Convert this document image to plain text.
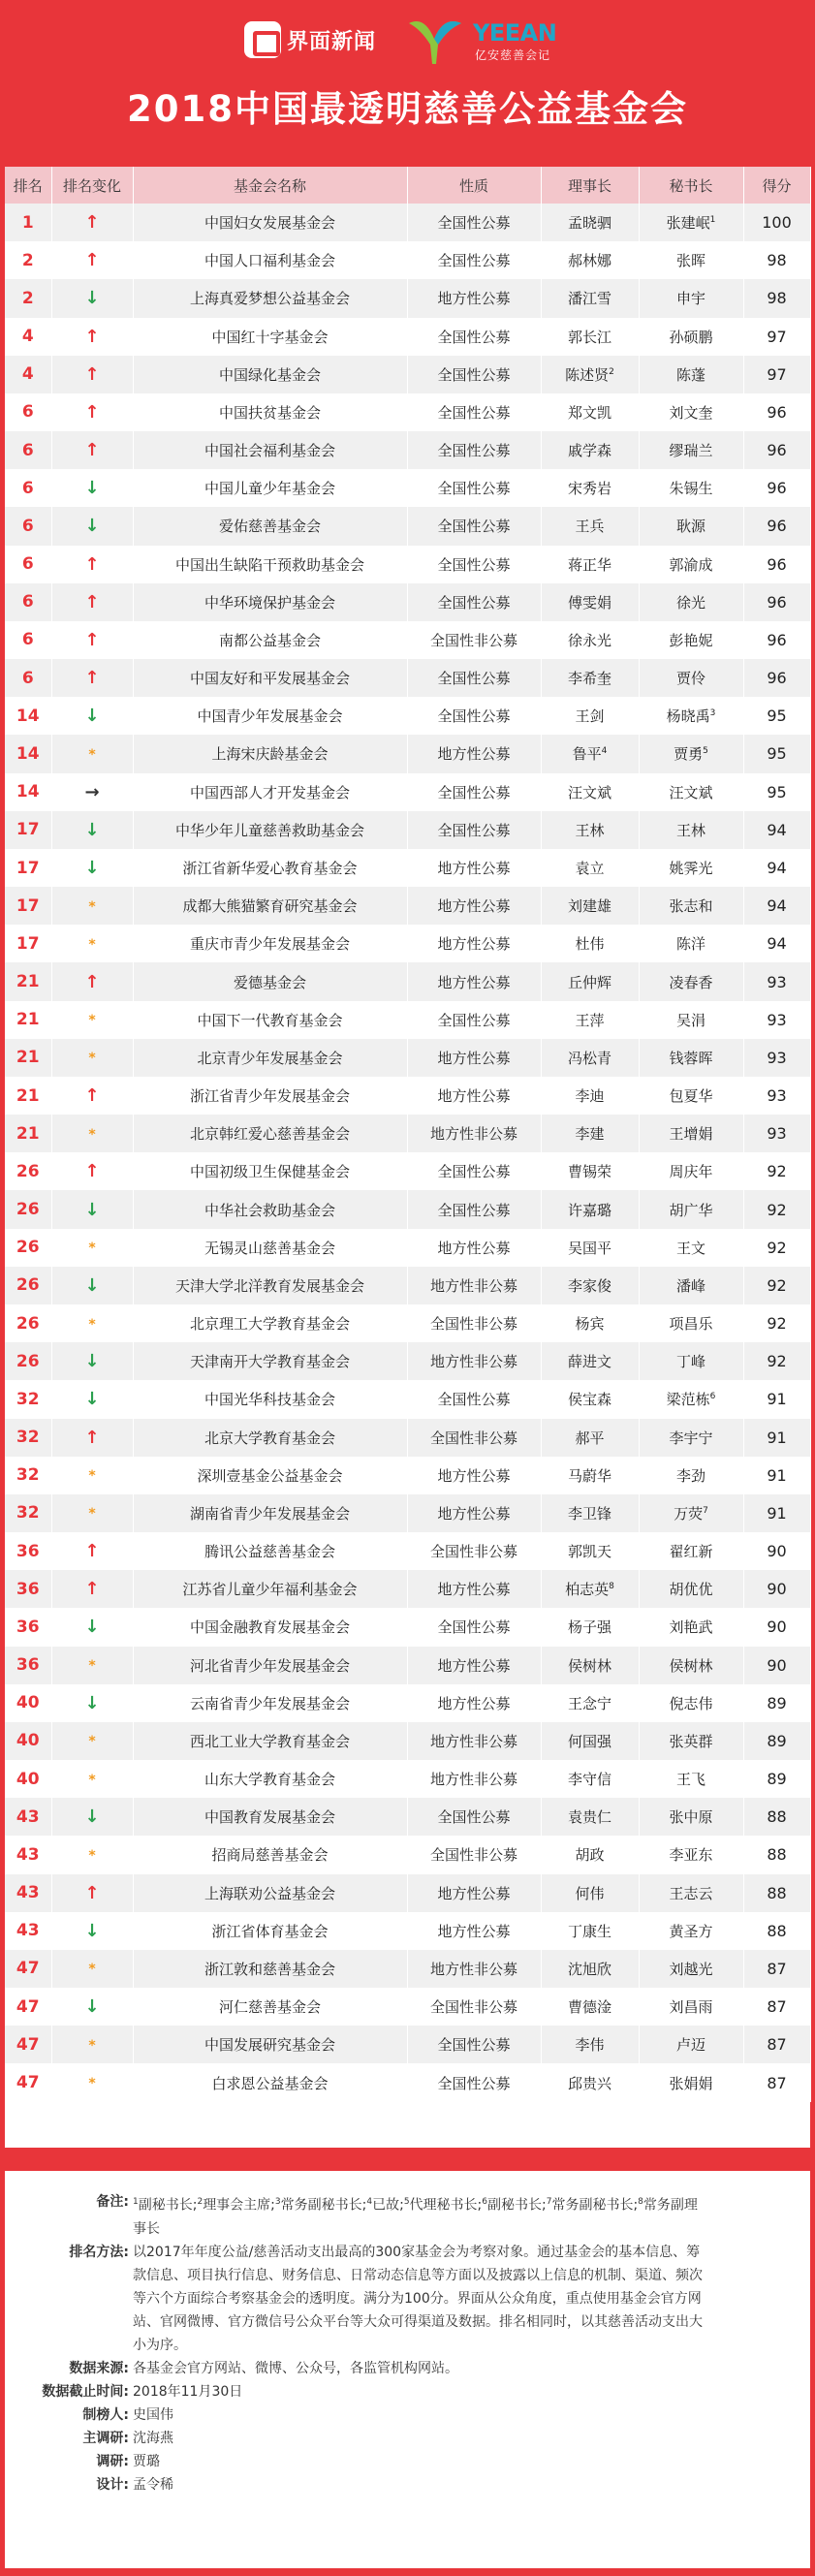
界面新闻	YEEAN
亿安慈善会记
2018中国最透明慈善公益基金会
排名	排名变化	基金会名称	性质	理事长	秘书长	得分
1	↑	中国妇女发展基金会	全国性公募	孟晓驷	张建岷$^1$	100
2	↑	中国人口福利基金会	全国性公募	郝林娜	张晖	98
2	↓	上海真爱梦想公益基金会	地方性公募	潘江雪	申宇	98
4	↑	中国红十字基金会	全国性公募	郭长江	孙硕鹏	97
4	↑	中国绿化基金会	全国性公募	陈述贤$^2$	陈蓬	97
6	↑	中国扶贫基金会	全国性公募	郑文凯	刘文奎	96
6	↑	中国社会福利基金会	全国性公募	戚学森	缪瑞兰	96
6	↓	中国儿童少年基金会	全国性公募	宋秀岩	朱锡生	96
6	↓	爱佑慈善基金会	全国性公募	王兵	耿源	96
6	↑	中国出生缺陷干预救助基金会	全国性公募	蒋正华	郭渝成	96
6	↑	中华环境保护基金会	全国性公募	傅雯娟	徐光	96
6	↑	南都公益基金会	全国性非公募	徐永光	彭艳妮	96
6	↑	中国友好和平发展基金会	全国性公募	李希奎	贾伶	96
14	↓	中国青少年发展基金会	全国性公募	王剑	杨晓禹$^3$	95
14	*	上海宋庆龄基金会	地方性公募	鲁平$^4$	贾勇$^5$	95
14	→	中国西部人才开发基金会	全国性公募	汪文斌	汪文斌	95
17	↓	中华少年儿童慈善救助基金会	全国性公募	王林	王林	94
17	↓	浙江省新华爱心教育基金会	地方性公募	袁立	姚霁光	94
17	*	成都大熊猫繁育研究基金会	地方性公募	刘建雄	张志和	94
17	*	重庆市青少年发展基金会	地方性公募	杜伟	陈洋	94
21	↑	爱德基金会	地方性公募	丘仲辉	凌春香	93
21	*	中国下一代教育基金会	全国性公募	王萍	吴涓	93
21	*	北京青少年发展基金会	地方性公募	冯松青	钱蓉晖	93
21	↑	浙江省青少年发展基金会	地方性公募	李迪	包夏华	93
21	*	北京韩红爱心慈善基金会	地方性非公募	李建	王增娟	93
26	↑	中国初级卫生保健基金会	全国性公募	曹锡荣	周庆年	92
26	↓	中华社会救助基金会	全国性公募	许嘉璐	胡广华	92
26	*	无锡灵山慈善基金会	地方性公募	吴国平	王文	92
26	↓	天津大学北洋教育发展基金会	地方性非公募	李家俊	潘峰	92
26	*	北京理工大学教育基金会	全国性非公募	杨宾	项昌乐	92
26	↓	天津南开大学教育基金会	地方性非公募	薛进文	丁峰	92
32	↓	中国光华科技基金会	全国性公募	侯宝森	梁范栋$^6$	91
32	↑	北京大学教育基金会	全国性非公募	郝平	李宇宁	91
32	*	深圳壹基金公益基金会	地方性公募	马蔚华	李劲	91
32	*	湖南省青少年发展基金会	地方性公募	李卫锋	万荧$^7$	91
36	↑	腾讯公益慈善基金会	全国性非公募	郭凯天	翟红新	90
36	↑	江苏省儿童少年福利基金会	地方性公募	柏志英$^8$	胡优优	90
36	↓	中国金融教育发展基金会	全国性公募	杨子强	刘艳武	90
36	*	河北省青少年发展基金会	地方性公募	侯树林	侯树林	90
40	↓	云南省青少年发展基金会	地方性公募	王念宁	倪志伟	89
40	*	西北工业大学教育基金会	地方性非公募	何国强	张英群	89
40	*	山东大学教育基金会	地方性非公募	李守信	王飞	89
43	↓	中国教育发展基金会	全国性公募	袁贵仁	张中原	88
43	*	招商局慈善基金会	全国性非公募	胡政	李亚东	88
43	↑	上海联劝公益基金会	地方性公募	何伟	王志云	88
43	↓	浙江省体育基金会	地方性公募	丁康生	黄圣方	88
47	*	浙江敦和慈善基金会	地方性非公募	沈旭欣	刘越光	87
47	↓	河仁慈善基金会	全国性非公募	曹德淦	刘昌雨	87
47	*	中国发展研究基金会	全国性公募	李伟	卢迈	87
47	*	白求恩公益基金会	全国性公募	邱贵兴	张娟娟	87
备注: $^1$副秘书长;$^2$理事会主席;$^3$常务副秘书长;$^4$已故;$^5$代理秘书长;$^6$副秘书长;$^7$常务副秘书长;$^8$常务副理事长
排名方法: 以2017年年度公益/慈善活动支出最高的300家基金会为考察对象。通过基金会的基本信息、筹款信息、项目执行信息、财务信息、日常动态信息等方面以及披露以上信息的机制、渠道、频次等六个方面综合考察基金会的透明度。满分为100分。界面从公众角度，重点使用基金会官方网站、官网微博、官方微信号公众平台等大众可得渠道及数据。排名相同时，以其慈善活动支出大小为序。
数据来源: 各基金会官方网站、微博、公众号，各监管机构网站。
数据截止时间: 2018年11月30日
制榜人: 史国伟
主调研: 沈海燕
调研: 贾璐
设计: 孟令稀
